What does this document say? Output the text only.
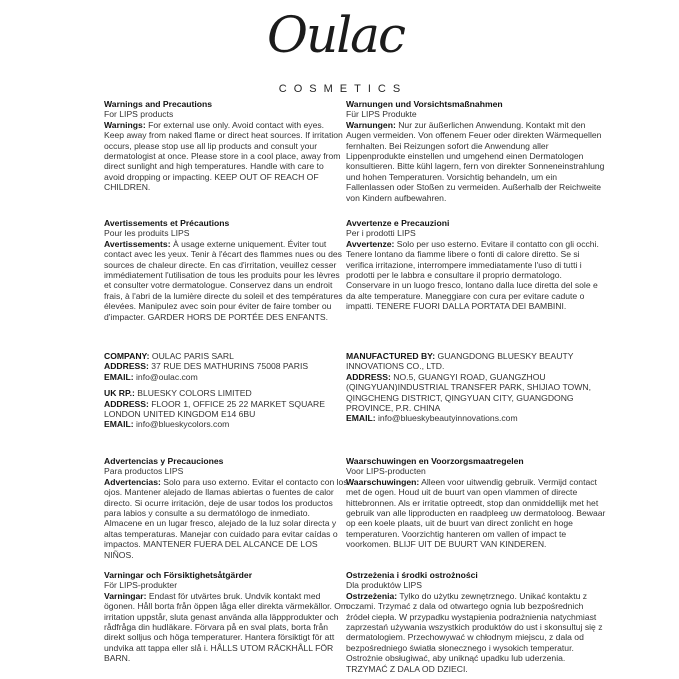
Oulac
COSMETICS
Warnings and Precautions
For LIPS products

Warnings: For external use only. Avoid contact with eyes. Keep away from naked flame or direct heat sources. If irritation occurs, please stop use all lip products and consult your dermatologist at once. Please store in a cool place, away from direct sunlight and high temperatures. Handle with care to avoid dropping or impacting. KEEP OUT OF REACH OF CHILDREN.

Warnungen und Vorsichtsmaßnahmen
Für LIPS Produkte

Warnungen: Nur zur äußerlichen Anwendung. Kontakt mit den Augen vermeiden. Von offenem Feuer oder direkten Wärmequellen fernhalten. Bei Reizungen sofort die Anwendung aller Lippenprodukte einstellen und umgehend einen Dermatologen konsultieren. Bitte kühl lagern, fern von direkter Sonneneinstrahlung und hohen Temperaturen. Vorsichtig behandeln, um ein Fallenlassen oder Stoßen zu vermeiden. Außerhalb der Reichweite von Kindern aufbewahren.

Avertissements et Précautions
Pour les produits LIPS

Avertissements: À usage externe uniquement. Éviter tout contact avec les yeux. Tenir à l'écart des flammes nues ou des sources de chaleur directe. En cas d'irritation, veuillez cesser immédiatement l'utilisation de tous les produits pour les lèvres et consulter votre dermatologue. Conservez dans un endroit frais, à l'abri de la lumière directe du soleil et des températures élevées. Manipulez avec soin pour éviter de faire tomber ou d'impacter. GARDER HORS DE PORTÉE DES ENFANTS.

Avvertenze e Precauzioni
Per i prodotti LIPS

Avvertenze: Solo per uso esterno. Evitare il contatto con gli occhi. Tenere lontano da fiamme libere o fonti di calore diretto. Se si verifica irritazione, interrompere immediatamente l'uso di tutti i prodotti per le labbra e consultare il proprio dermatologo. Conservare in un luogo fresco, lontano dalla luce diretta del sole e da alte temperature. Maneggiare con cura per evitare cadute o impatti. TENERE FUORI DALLA PORTATA DEI BAMBINI.

COMPANY: OULAC PARIS SARL
ADDRESS: 37 RUE DES MATHURINS 75008 PARIS
EMAIL: info@oulac.com
UK RP.: BLUESKY COLORS LIMITED
ADDRESS: FLOOR 1, OFFICE 25 22 MARKET SQUARE LONDON UNITED KINGDOM E14 6BU
EMAIL: info@blueskycolors.com
MANUFACTURED BY: GUANGDONG BLUESKY BEAUTY INNOVATIONS CO., LTD.
ADDRESS: NO.5, GUANGYI ROAD, GUANGZHOU (QINGYUAN)INDUSTRIAL TRANSFER PARK, SHIJIAO TOWN, QINGCHENG DISTRICT, QINGYUAN CITY, GUANGDONG PROVINCE, P.R. CHINA
EMAIL: info@blueskybeautyinnovations.com
Advertencias y Precauciones
Para productos LIPS

Advertencias: Solo para uso externo. Evitar el contacto con los ojos. Mantener alejado de llamas abiertas o fuentes de calor directo. Si ocurre irritación, deje de usar todos los productos para labios y consulte a su dermatólogo de inmediato. Almacene en un lugar fresco, alejado de la luz solar directa y altas temperaturas. Manejar con cuidado para evitar caídas o impactos. MANTENER FUERA DEL ALCANCE DE LOS NIÑOS.

Waarschuwingen en Voorzorgsmaatregelen
Voor LIPS-producten

Waarschuwingen: Alleen voor uitwendig gebruik. Vermijd contact met de ogen. Houd uit de buurt van open vlammen of directe hittebronnen. Als er irritatie optreedt, stop dan onmiddellijk met het gebruik van alle lipproducten en raadpleeg uw dermatoloog. Bewaar op een koele plaats, uit de buurt van direct zonlicht en hoge temperaturen. Voorzichtig hanteren om vallen of impact te voorkomen. BLIJF UIT DE BUURT VAN KINDEREN.

Varningar och Försiktighetsåtgärder
För LIPS-produkter

Varningar: Endast för utvärtes bruk. Undvik kontakt med ögonen. Håll borta från öppen låga eller direkta värmekällor. Om irritation uppstår, sluta genast använda alla läppprodukter och rådfråga din hudläkare. Förvara på en sval plats, borta från direkt solljus och höga temperaturer. Hantera försiktigt för att undvika att tappa eller slå i. HÅLLS UTOM RÄCKHÅLL FÖR BARN.

Ostrzeżenia i środki ostrożności
Dla produktów LIPS

Ostrzeżenia: Tylko do użytku zewnętrznego. Unikać kontaktu z oczami. Trzymać z dala od otwartego ognia lub bezpośrednich źródeł ciepła. W przypadku wystąpienia podrażnienia natychmiast zaprzestań używania wszystkich produktów do ust i skonsultuj się z dermatologiem. Przechowywać w chłodnym miejscu, z dala od bezpośredniego światła słonecznego i wysokich temperatur. Ostrożnie obsługiwać, aby uniknąć upadku lub uderzenia. TRZYMAĆ Z DALA OD DZIECI.
